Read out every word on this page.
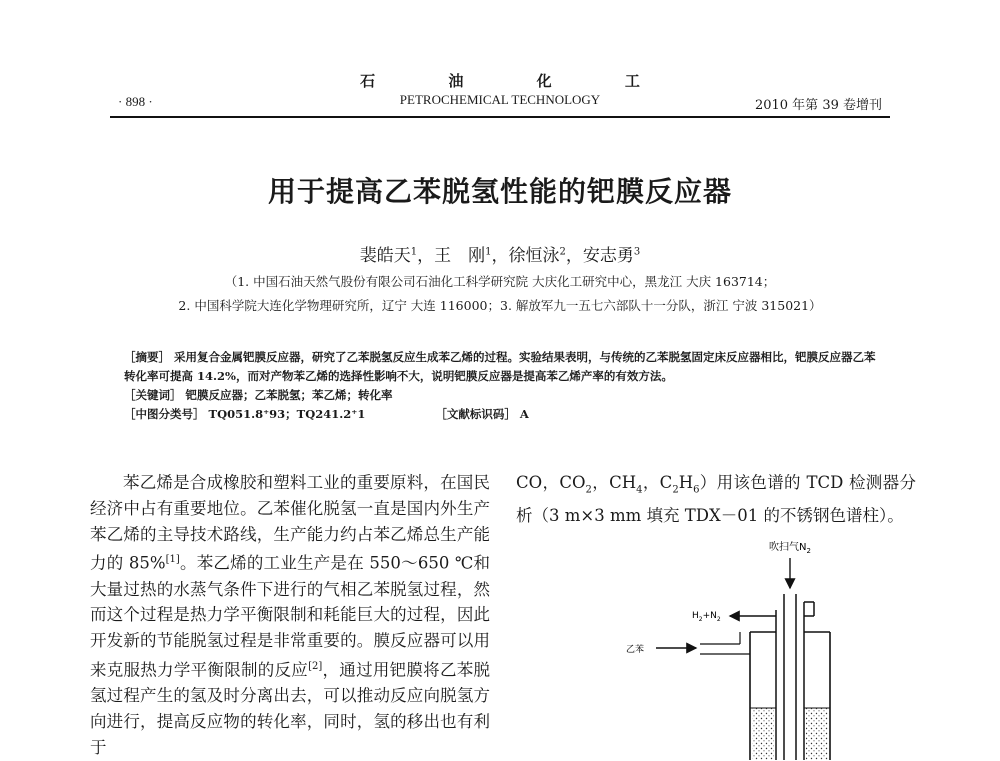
石 油 化 工
PETROCHEMICAL TECHNOLOGY
· 898 ·	2010 年第 39 卷增刊
用于提高乙苯脱氢性能的钯膜反应器
裴皓天$^1$，王　刚$^1$，徐恒泳$^2$，安志勇$^3$
（1. 中国石油天然气股份有限公司石油化工科学研究院 大庆化工研究中心，黑龙江 大庆 163714；
2. 中国科学院大连化学物理研究所，辽宁 大连 116000；3. 解放军九一五七六部队十一分队，浙江 宁波 315021）

［摘要］ 采用复合金属钯膜反应器，研究了乙苯脱氢反应生成苯乙烯的过程。实验结果表明，与传统的乙苯脱氢固定床反应器相比，钯膜反应器乙苯转化率可提高 14.2%，而对产物苯乙烯的选择性影响不大，说明钯膜反应器是提高苯乙烯产率的有效方法。

［关键词］ 钯膜反应器；乙苯脱氢；苯乙烯；转化率

［中图分类号］ TQ051.8⁺93；TQ241.2⁺1	［文献标识码］ A

苯乙烯是合成橡胶和塑料工业的重要原料，在国民经济中占有重要地位。乙苯催化脱氢一直是国内外生产苯乙烯的主导技术路线，生产能力约占苯乙烯总生产能力的 85%[1]。苯乙烯的工业生产是在 550～650 ℃和大量过热的水蒸气条件下进行的气相乙苯脱氢过程，然而这个过程是热力学平衡限制和耗能巨大的过程，因此开发新的节能脱氢过程是非常重要的。膜反应器可以用来克服热力学平衡限制的反应[2]，通过用钯膜将乙苯脱氢过程产生的氢及时分离出去，可以推动反应向脱氢方向进行，提高反应物的转化率，同时，氢的移出也有利于

CO，$CO_2$，$CH_4$，$C_2H_6$）用该色谱的 TCD 检测器分析（3 m×3 mm 填充 TDX－01 的不锈钢色谱柱）。

吹扫气$N_2$
$H_2+N_2$
乙苯
